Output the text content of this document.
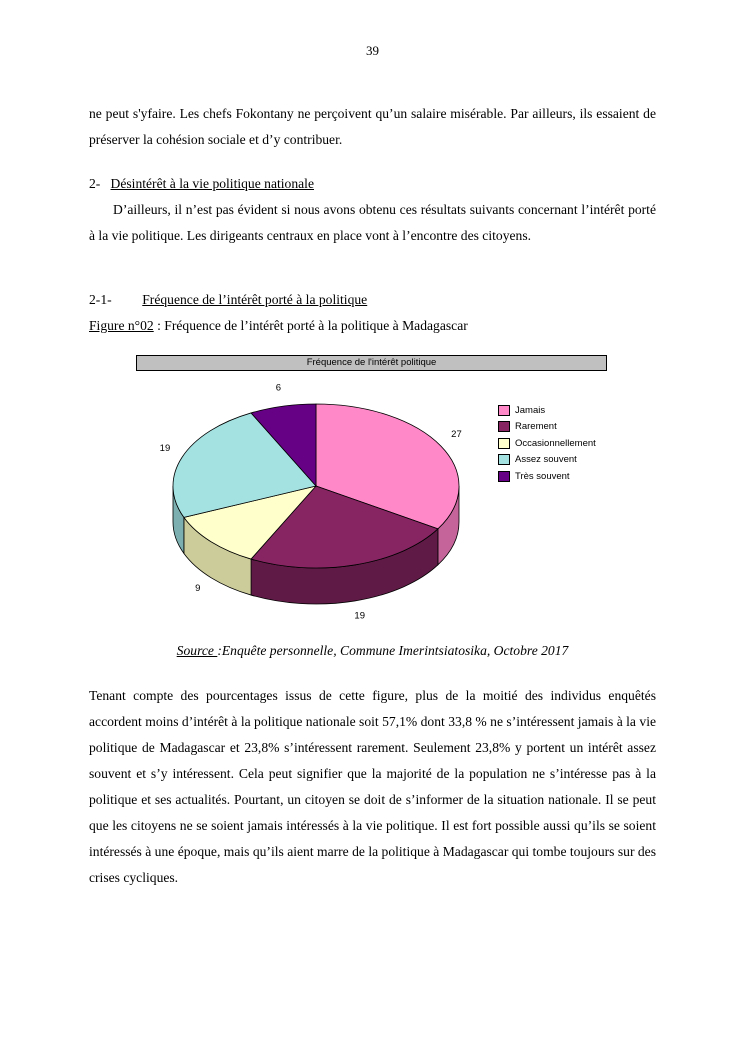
39

ne peut s'yfaire. Les chefs Fokontany ne perçoivent qu’un salaire misérable. Par ailleurs, ils essaient de préserver la cohésion sociale et d’y contribuer.

2- Désintérêt à la vie politique nationale

D’ailleurs, il n’est pas évident si nous avons obtenu ces résultats suivants concernant l’intérêt porté à la vie politique. Les dirigeants centraux en place vont à l’encontre des citoyens.

2-1-         Fréquence de l’intérêt porté à la politique
Figure n°02 : Fréquence de l’intérêt porté à la politique à Madagascar
Fréquence de l'intérêt politique
27
19
9
19
6
Jamais
Rarement
Occasionnellement
Assez souvent
Très souvent
Source :Enquête personnelle, Commune Imerintsiatosika, Octobre 2017

Tenant compte des pourcentages issus de cette figure, plus de la moitié des individus enquêtés accordent moins d’intérêt à la politique nationale soit 57,1% dont 33,8 % ne s’intéressent jamais à la vie politique de Madagascar et 23,8% s’intéressent rarement. Seulement 23,8% y portent un intérêt assez souvent et s’y intéressent. Cela peut signifier que la majorité de la population ne s’intéresse pas à la politique et ses actualités. Pourtant, un citoyen se doit de s’informer de la situation nationale. Il se peut que les citoyens ne se soient jamais intéressés à la vie politique. Il est fort possible aussi qu’ils se soient intéressés à une époque, mais qu’ils aient marre de la politique à Madagascar qui tombe toujours sur des crises cycliques.
